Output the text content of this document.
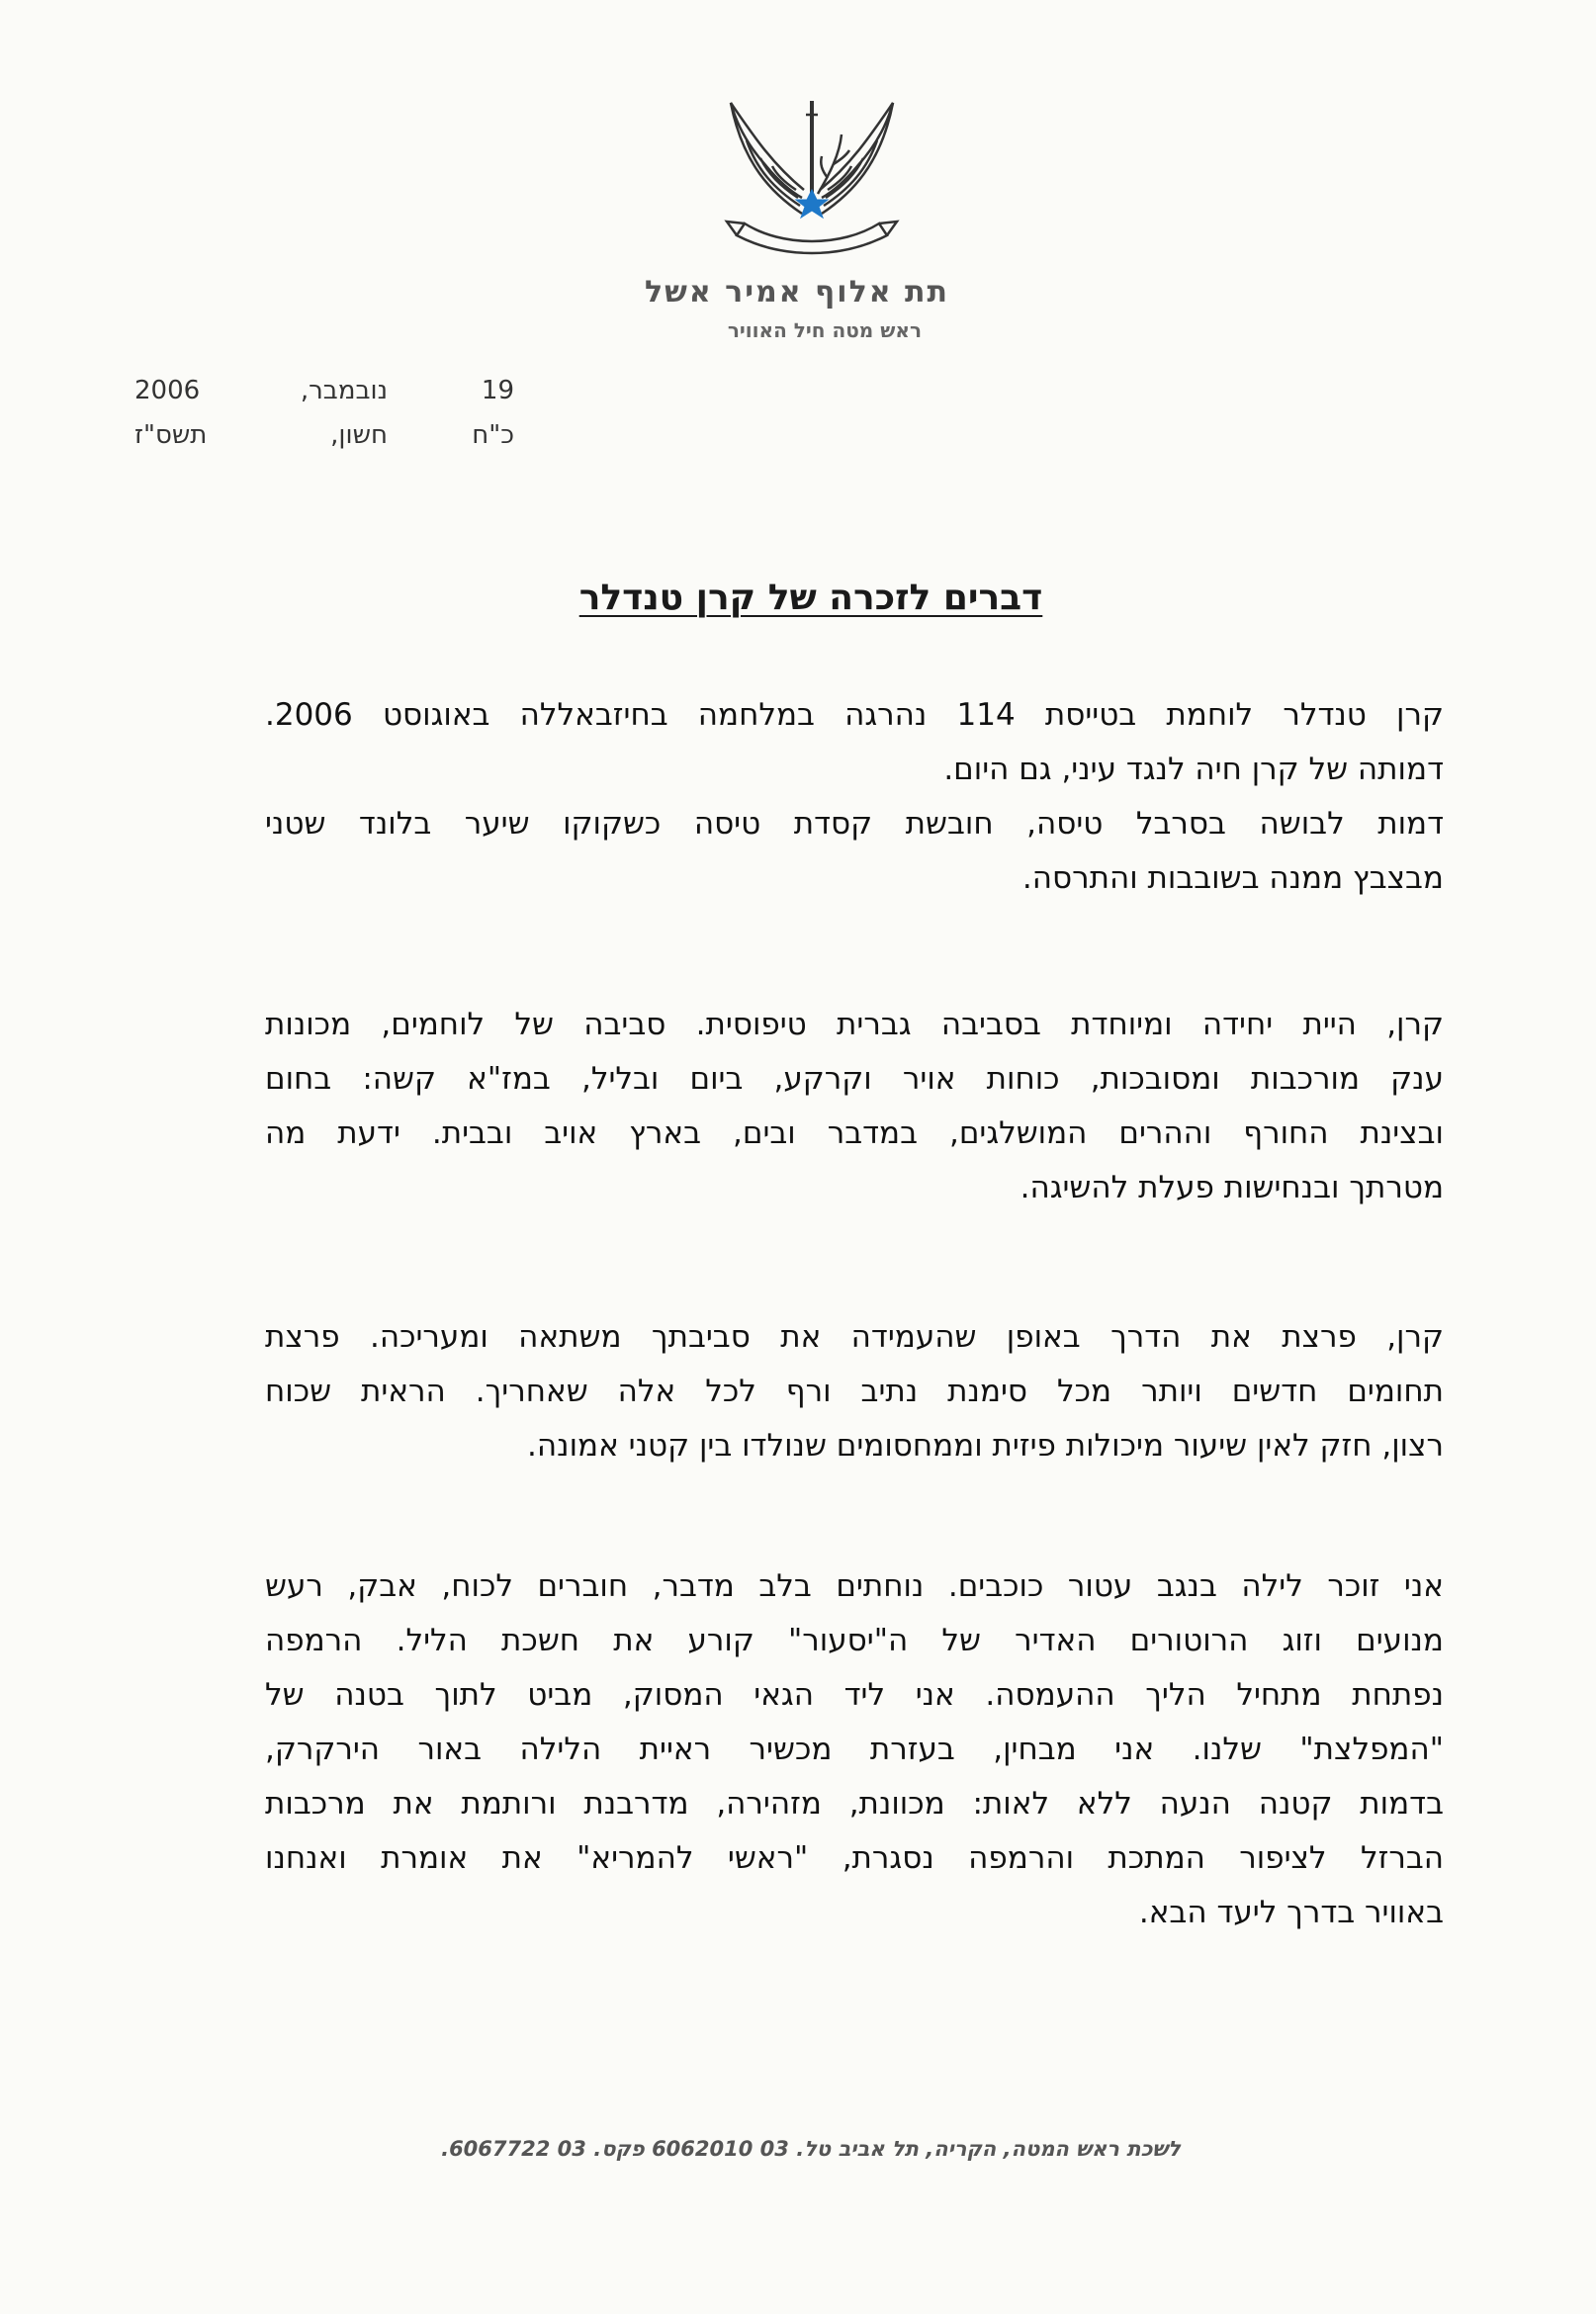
תת אלוף אמיר אשל
ראש מטה חיל האוויר
19
נובמבר,
2006
כ"ח
חשון,
תשס"ז
דברים לזכרה של קרן טנדלר
קרן טנדלר לוחמת בטייסת 114 נהרגה במלחמה בחיזבאללה באוגוסט 2006.
דמותה של קרן חיה לנגד עיני, גם היום.
דמות לבושה בסרבל טיסה, חובשת קסדת טיסה כשקוקו שיער בלונד שטני
מבצבץ ממנה בשובבות והתרסה.
קרן, היית יחידה ומיוחדת בסביבה גברית טיפוסית. סביבה של לוחמים, מכונות
ענק מורכבות ומסובכות, כוחות אויר וקרקע, ביום ובליל, במז"א קשה: בחום
ובצינת החורף וההרים המושלגים, במדבר ובים, בארץ אויב ובבית. ידעת מה
מטרתך ובנחישות פעלת להשיגה.
קרן, פרצת את הדרך באופן שהעמידה את סביבתך משתאה ומעריכה. פרצת
תחומים חדשים ויותר מכל סימנת נתיב ורף לכל אלה שאחריך. הראית שכוח
רצון, חזק לאין שיעור מיכולות פיזית וממחסומים שנולדו בין קטני אמונה.
אני זוכר לילה בנגב עטור כוכבים. נוחתים בלב מדבר, חוברים לכוח, אבק, רעש
מנועים וזוג הרוטורים האדיר של ה"יסעור" קורע את חשכת הליל. הרמפה
נפתחת מתחיל הליך ההעמסה. אני ליד הגאי המסוק, מביט לתוך בטנה של
"המפלצת" שלנו. אני מבחין, בעזרת מכשיר ראיית הלילה באור הירקרק,
בדמות קטנה הנעה ללא לאות: מכוונת, מזהירה, מדרבנת ורותמת את מרכבות
הברזל לציפור המתכת והרמפה נסגרת, "ראשי להמריא" את אומרת ואנחנו
באוויר בדרך ליעד הבא.
לשכת ראש המטה, הקריה, תל אביב טל. 03 6062010 פקס. 03 6067722.
